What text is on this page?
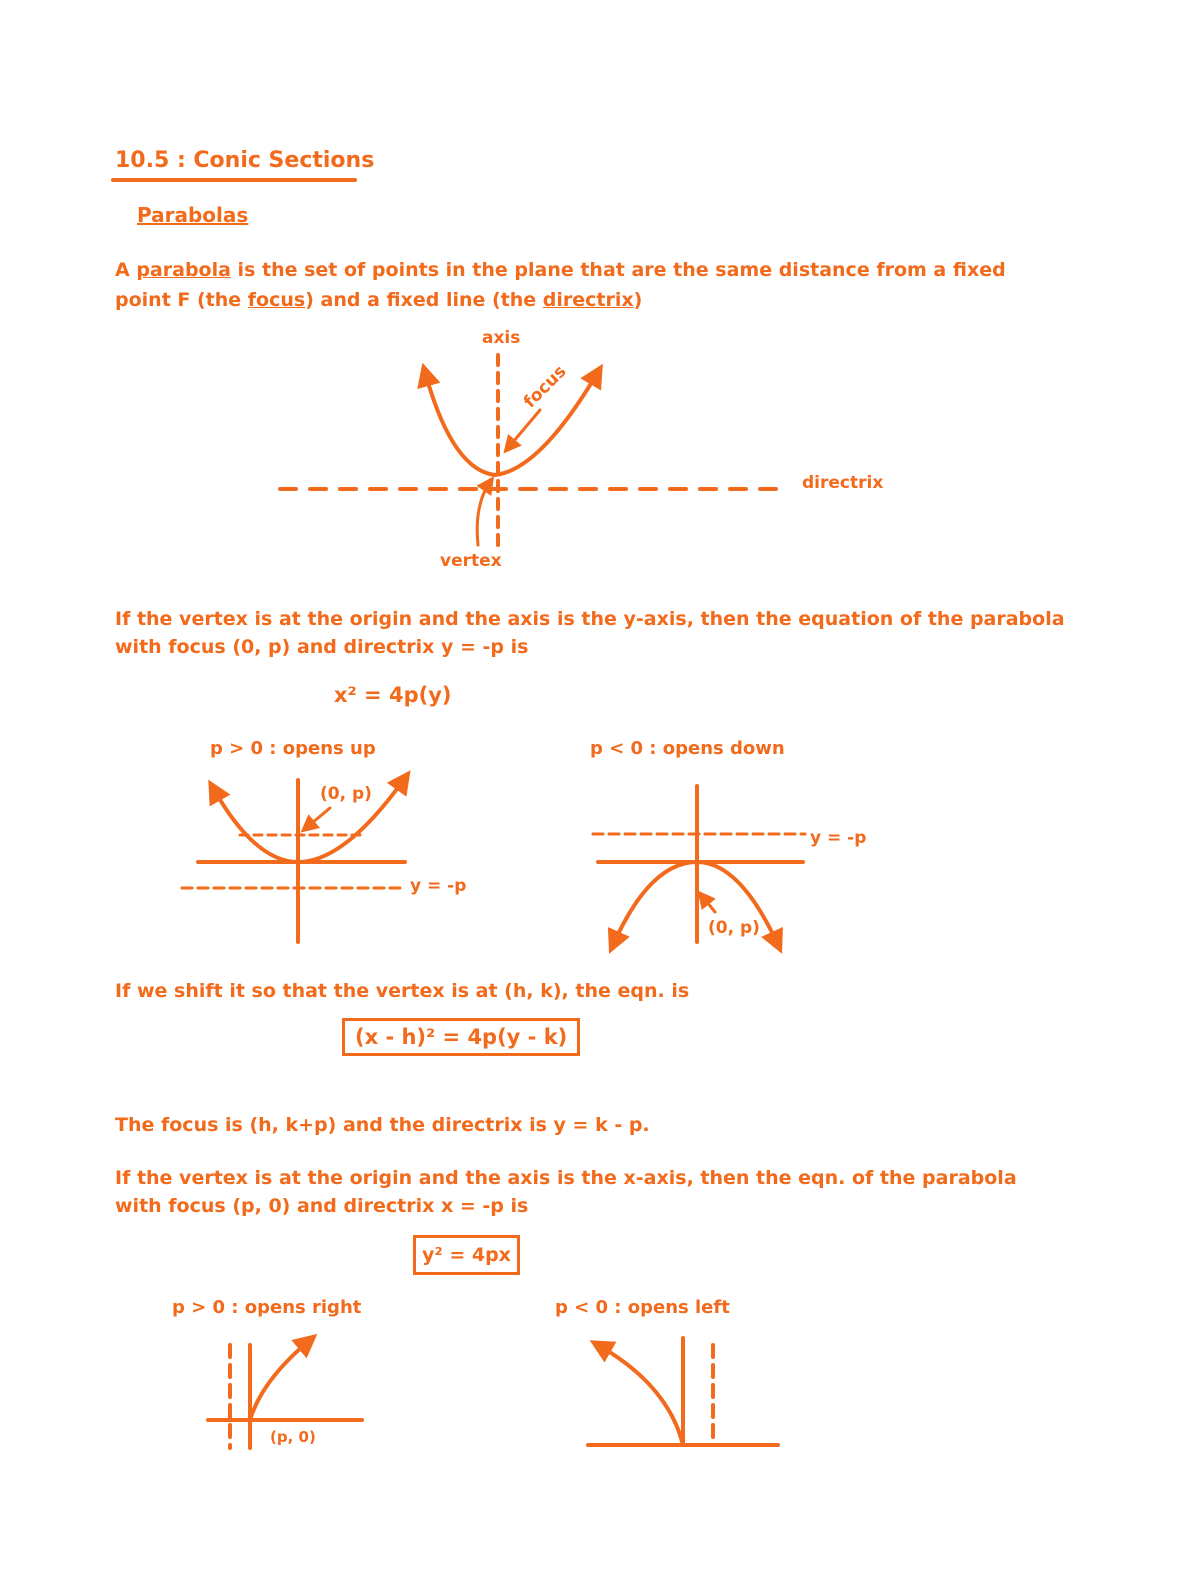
10.5 : Conic Sections
Parabolas
A parabola is the set of points in the plane that are the same distance from a fixed
point F (the focus) and a fixed line (the directrix)
axis
focus
directrix
vertex
If the vertex is at the origin and the axis is the y-axis, then the equation of the parabola
with focus (0, p) and directrix y = -p is
x² = 4p(y)
p > 0 : opens up	p < 0 : opens down
(0, p)
y = -p
y = -p
(0, p)
If we shift it so that the vertex is at (h, k), the eqn. is
(x - h)² = 4p(y - k)
The focus is (h, k+p) and the directrix is y = k - p.
If the vertex is at the origin and the axis is the x-axis, then the eqn. of the parabola
with focus (p, 0) and directrix x = -p is
y² = 4px
p > 0 : opens right	p < 0 : opens left
(p, 0)
